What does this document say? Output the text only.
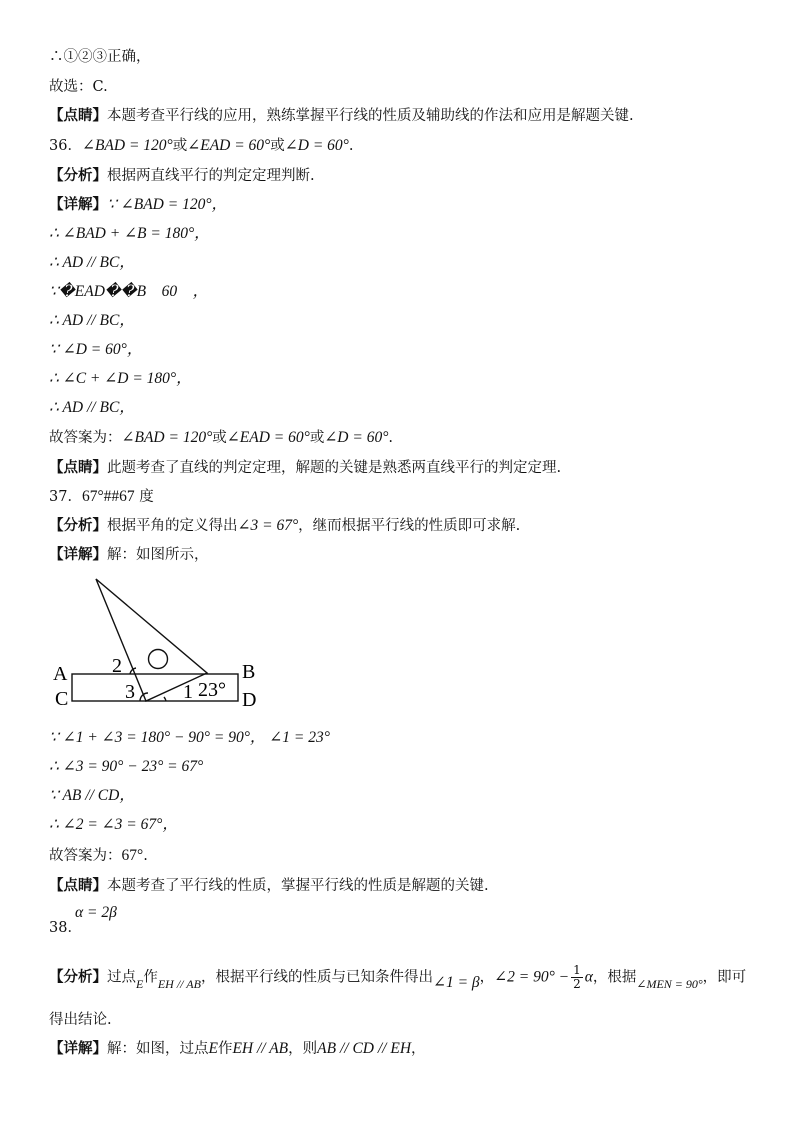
∴①②③正确，
故选：C.
【点睛】本题考查平行线的应用，熟练掌握平行线的性质及辅助线的作法和应用是解题关键.
36．∠BAD = 120°或∠EAD = 60°或∠D = 60°.
【分析】根据两直线平行的判定定理判断.
【详解】∵ ∠BAD = 120°，
∴ ∠BAD + ∠B = 180°，
∴ AD // BC，
∵�EAD��B　60　，
∴ AD // BC，
∵ ∠D = 60°，
∴ ∠C + ∠D = 180°，
∴ AD // BC，
故答案为：∠BAD = 120°或∠EAD = 60°或∠D = 60°.
【点睛】此题考查了直线的判定定理，解题的关键是熟悉两直线平行的判定定理.
37．67°##67 度
【分析】根据平角的定义得出∠3 = 67°，继而根据平行线的性质即可求解.
【详解】解：如图所示，
A	B
C	D
2
3 1 23°
∵ ∠1 + ∠3 = 180° − 90° = 90°， ∠1 = 23°
∴ ∠3 = 90° − 23° = 67°
∵ AB // CD，
∴ ∠2 = ∠3 = 67°，
故答案为：67°.
【点睛】本题考查了平行线的性质，掌握平行线的性质是解题的关键.
α = 2β
38．
【分析】过点$_E$作$_{EH // AB}$，根据平行线的性质与已知条件得出∠1 = β，∠2 = $90^\circ - \frac{1}{2}$ α，根据$_{\angle MEN = 90^\circ}$，即可
得出结论.
【详解】解：如图，过点E作EH // AB，则AB // CD // EH，
